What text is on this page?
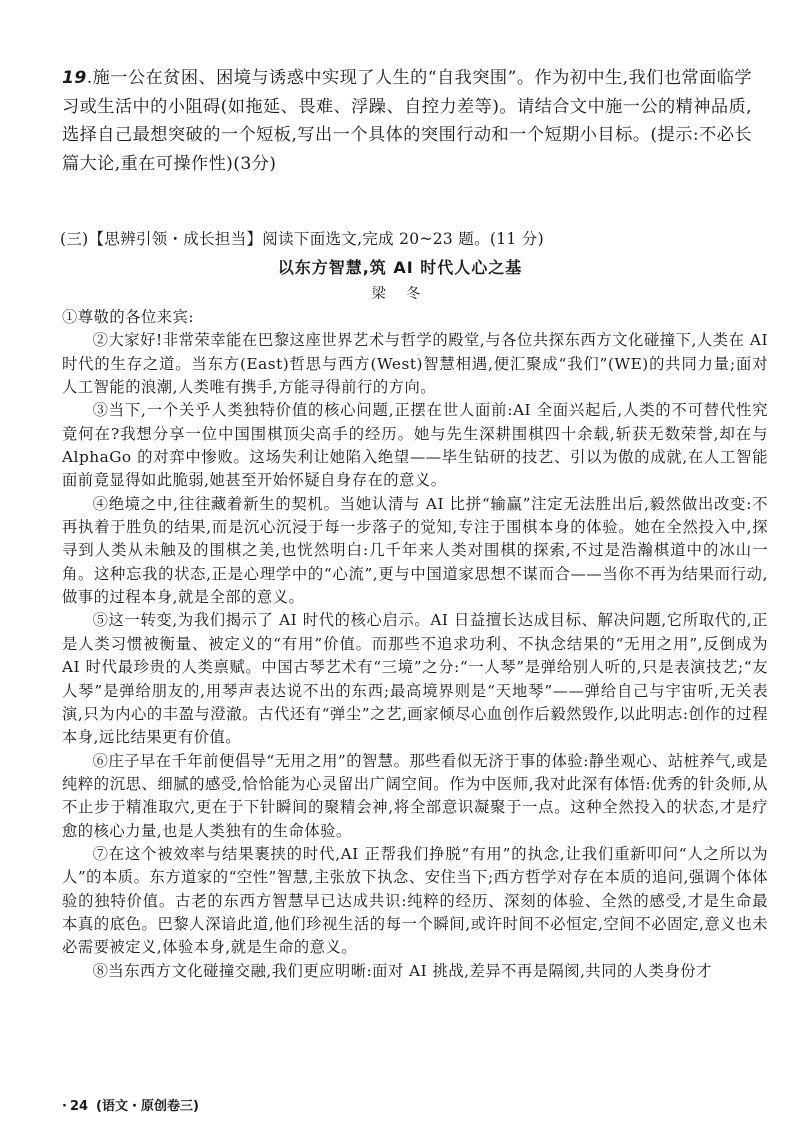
19.施一公在贫困、困境与诱惑中实现了人生的“自我突围”。作为初中生,我们也常面临学习或生活中的小阻碍(如拖延、畏难、浮躁、自控力差等)。请结合文中施一公的精神品质,选择自己最想突破的一个短板,写出一个具体的突围行动和一个短期小目标。(提示:不必长篇大论,重在可操作性)(3分)
(三)【思辨引领・成长担当】阅读下面选文,完成 20~23 题。(11 分)
以东方智慧,筑 AI 时代人心之基
梁 冬

①尊敬的各位来宾:

②大家好!非常荣幸能在巴黎这座世界艺术与哲学的殿堂,与各位共探东西方文化碰撞下,人类在 AI 时代的生存之道。当东方(East)哲思与西方(West)智慧相遇,便汇聚成“我们”(WE)的共同力量;面对人工智能的浪潮,人类唯有携手,方能寻得前行的方向。

③当下,一个关乎人类独特价值的核心问题,正摆在世人面前:AI 全面兴起后,人类的不可替代性究竟何在?我想分享一位中国围棋顶尖高手的经历。她与先生深耕围棋四十余载,斩获无数荣誉,却在与 AlphaGo 的对弈中惨败。这场失利让她陷入绝望——毕生钻研的技艺、引以为傲的成就,在人工智能面前竟显得如此脆弱,她甚至开始怀疑自身存在的意义。

④绝境之中,往往藏着新生的契机。当她认清与 AI 比拼“输赢”注定无法胜出后,毅然做出改变:不再执着于胜负的结果,而是沉心沉浸于每一步落子的觉知,专注于围棋本身的体验。她在全然投入中,探寻到人类从未触及的围棋之美,也恍然明白:几千年来人类对围棋的探索,不过是浩瀚棋道中的冰山一角。这种忘我的状态,正是心理学中的“心流”,更与中国道家思想不谋而合——当你不再为结果而行动,做事的过程本身,就是全部的意义。

⑤这一转变,为我们揭示了 AI 时代的核心启示。AI 日益擅长达成目标、解决问题,它所取代的,正是人类习惯被衡量、被定义的“有用”价值。而那些不追求功利、不执念结果的“无用之用”,反倒成为 AI 时代最珍贵的人类禀赋。中国古琴艺术有“三境”之分:“一人琴”是弹给别人听的,只是表演技艺;“友人琴”是弹给朋友的,用琴声表达说不出的东西;最高境界则是“天地琴”——弹给自己与宇宙听,无关表演,只为内心的丰盈与澄澈。古代还有“弹尘”之艺,画家倾尽心血创作后毅然毁作,以此明志:创作的过程本身,远比结果更有价值。

⑥庄子早在千年前便倡导“无用之用”的智慧。那些看似无济于事的体验:静坐观心、站桩养气,或是纯粹的沉思、细腻的感受,恰恰能为心灵留出广阔空间。作为中医师,我对此深有体悟:优秀的针灸师,从不止步于精准取穴,更在于下针瞬间的聚精会神,将全部意识凝聚于一点。这种全然投入的状态,才是疗愈的核心力量,也是人类独有的生命体验。

⑦在这个被效率与结果裹挟的时代,AI 正帮我们挣脱“有用”的执念,让我们重新叩问“人之所以为人”的本质。东方道家的“空性”智慧,主张放下执念、安住当下;西方哲学对存在本质的追问,强调个体体验的独特价值。古老的东西方智慧早已达成共识:纯粹的经历、深刻的体验、全然的感受,才是生命最本真的底色。巴黎人深谙此道,他们珍视生活的每一个瞬间,或许时间不必恒定,空间不必固定,意义也未必需要被定义,体验本身,就是生命的意义。

⑧当东西方文化碰撞交融,我们更应明晰:面对 AI 挑战,差异不再是隔阂,共同的人类身份才

· 24 (语文・原创卷三)
